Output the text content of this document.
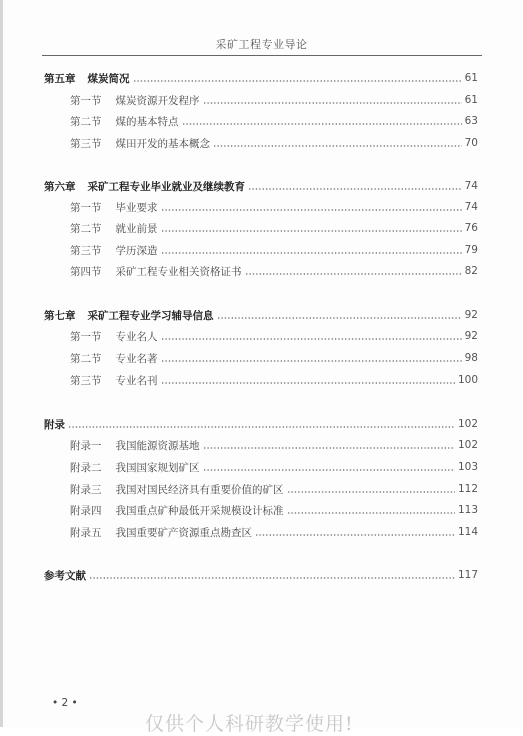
采矿工程专业导论
第五章 煤炭简况	61
第一节 煤炭资源开发程序	61
第二节 煤的基本特点	63
第三节 煤田开发的基本概念	70
第六章 采矿工程专业毕业就业及继续教育	74
第一节 毕业要求	74
第二节 就业前景	76
第三节 学历深造	79
第四节 采矿工程专业相关资格证书	82
第七章 采矿工程专业学习辅导信息	92
第一节 专业名人	92
第二节 专业名著	98
第三节 专业名刊	100
附录	102
附录一 我国能源资源基地	102
附录二 我国国家规划矿区	103
附录三 我国对国民经济具有重要价值的矿区	112
附录四 我国重点矿种最低开采规模设计标准	113
附录五 我国重要矿产资源重点勘查区	114
参考文献	117
• 2 •
仅供个人科研教学使用!
